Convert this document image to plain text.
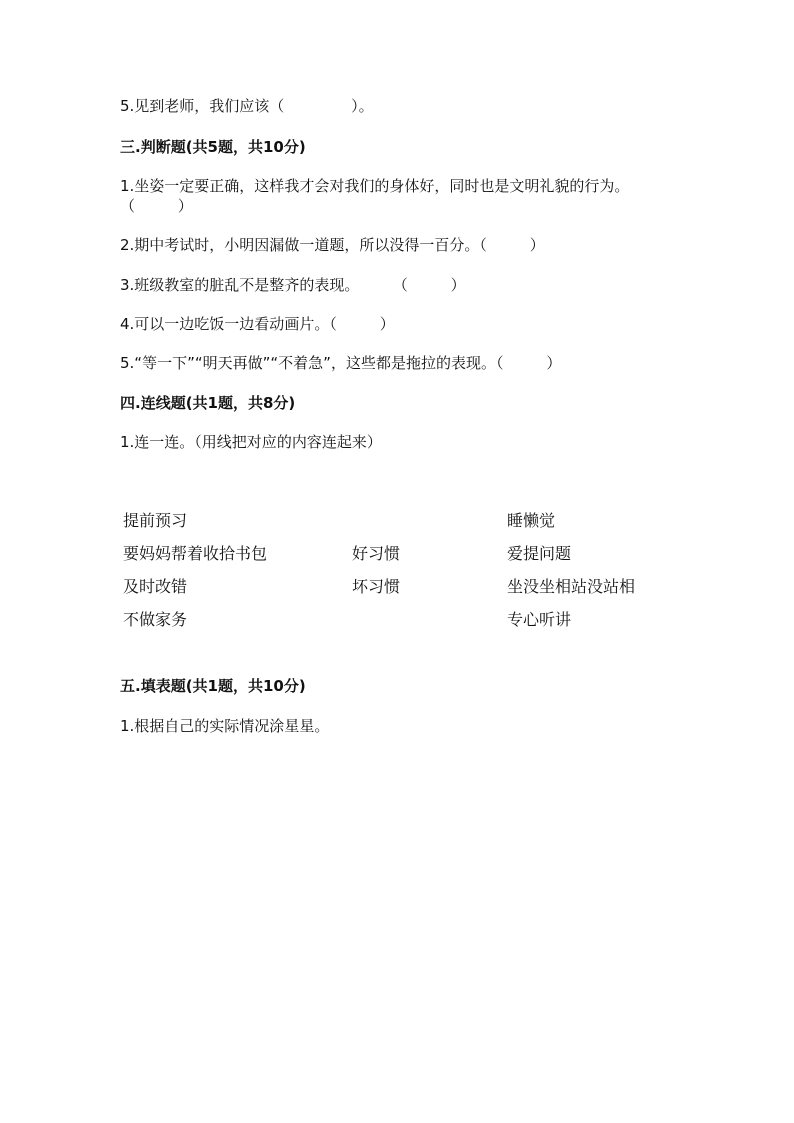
5.见到老师，我们应该（              ）。
三.判断题(共5题，共10分)
1.坐姿一定要正确，这样我才会对我们的身体好，同时也是文明礼貌的行为。
（         ）
2.期中考试时，小明因漏做一道题，所以没得一百分。（         ）
3.班级教室的脏乱不是整齐的表现。       （         ）
4.可以一边吃饭一边看动画片。（         ）
5.“等一下”“明天再做”“不着急”，这些都是拖拉的表现。（         ）
四.连线题(共1题，共8分)
1.连一连。（用线把对应的内容连起来）
提前预习
要妈妈帮着收拾书包
及时改错
不做家务
好习惯
坏习惯
睡懒觉
爱提问题
坐没坐相站没站相
专心听讲
五.填表题(共1题，共10分)
1.根据自己的实际情况涂星星。
